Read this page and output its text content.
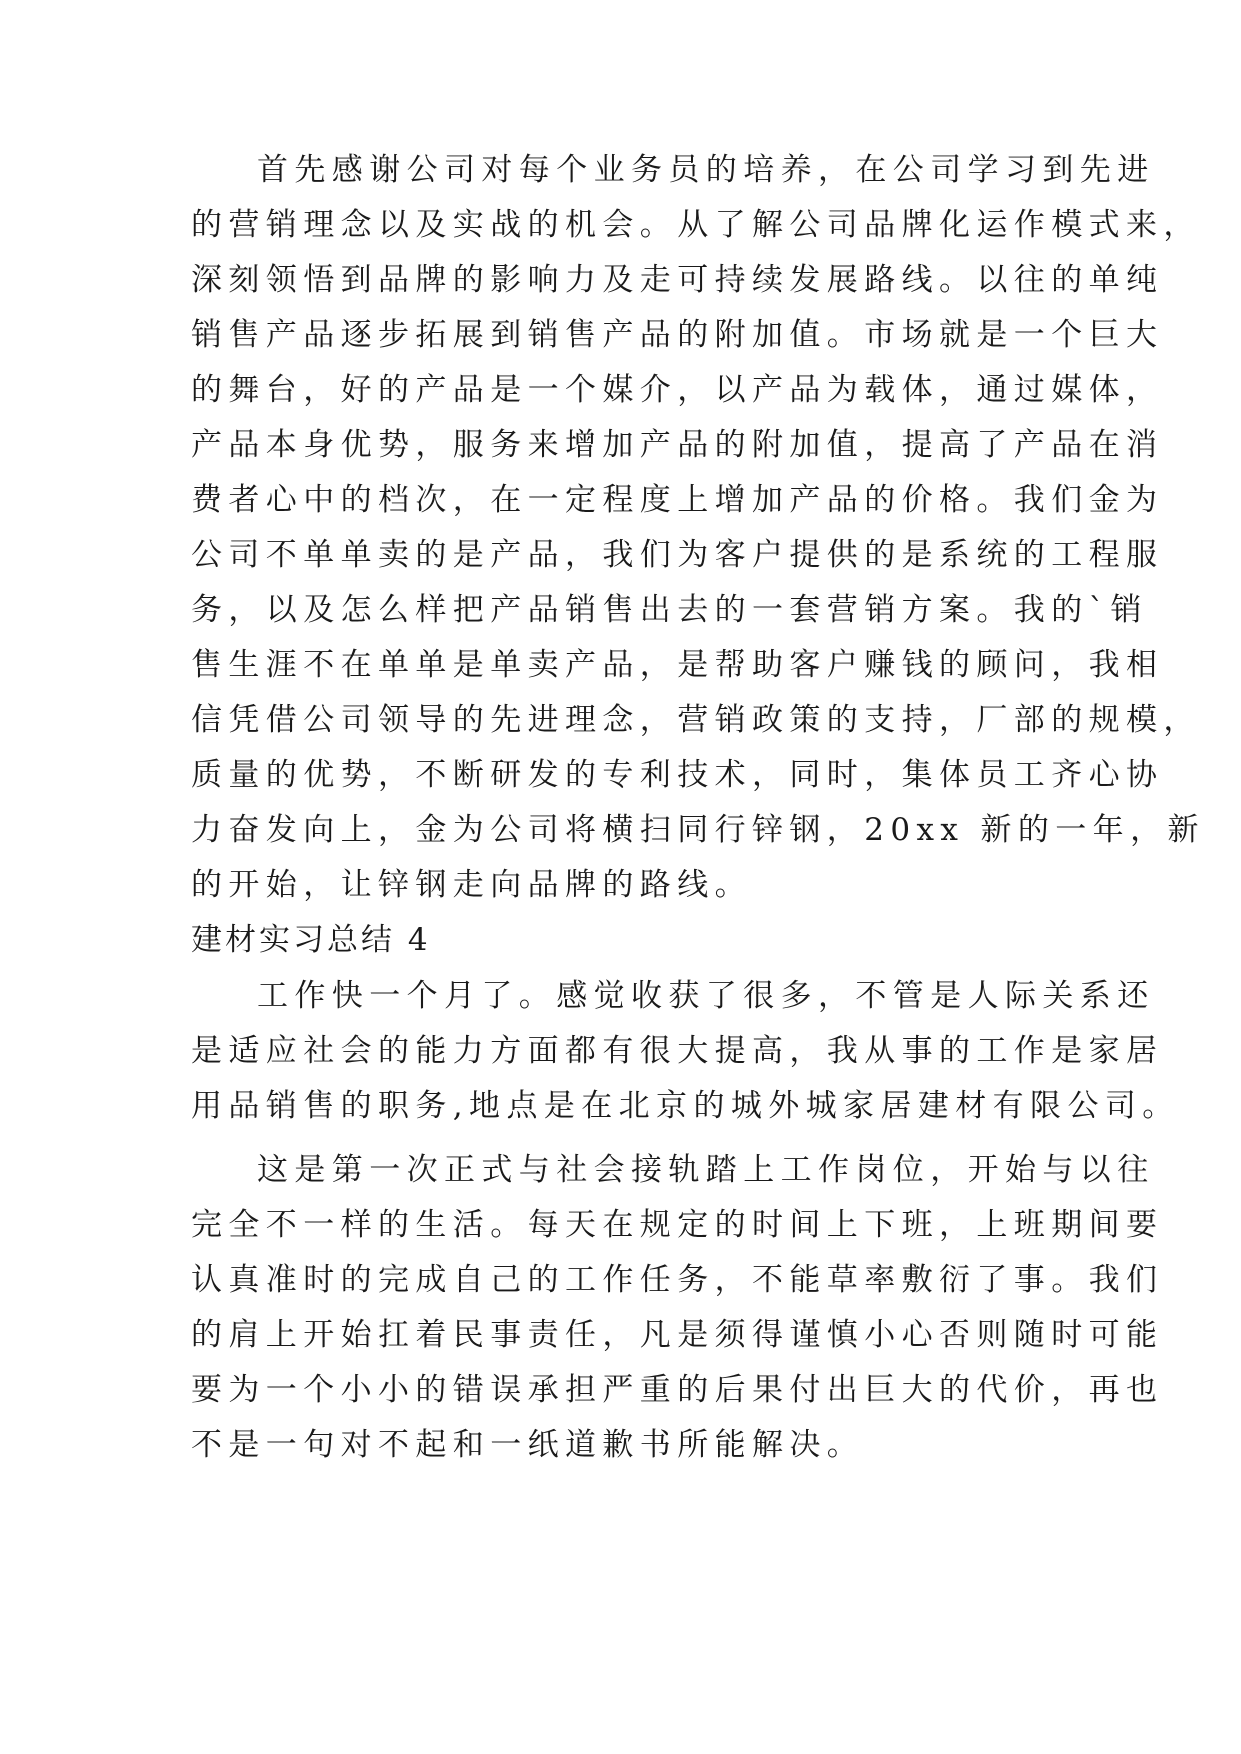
首先感谢公司对每个业务员的培养，在公司学习到先进

的营销理念以及实战的机会。从了解公司品牌化运作模式来，

深刻领悟到品牌的影响力及走可持续发展路线。以往的单纯

销售产品逐步拓展到销售产品的附加值。市场就是一个巨大

的舞台，好的产品是一个媒介，以产品为载体，通过媒体，

产品本身优势，服务来增加产品的附加值，提高了产品在消

费者心中的档次，在一定程度上增加产品的价格。我们金为

公司不单单卖的是产品，我们为客户提供的是系统的工程服

务，以及怎么样把产品销售出去的一套营销方案。我的`销

售生涯不在单单是单卖产品，是帮助客户赚钱的顾问，我相

信凭借公司领导的先进理念，营销政策的支持，厂部的规模，

质量的优势，不断研发的专利技术，同时，集体员工齐心协

力奋发向上，金为公司将横扫同行锌钢，20xx 新的一年，新

的开始，让锌钢走向品牌的路线。

建材实习总结 4

工作快一个月了。感觉收获了很多，不管是人际关系还

是适应社会的能力方面都有很大提高，我从事的工作是家居

用品销售的职务,地点是在北京的城外城家居建材有限公司。

这是第一次正式与社会接轨踏上工作岗位，开始与以往

完全不一样的生活。每天在规定的时间上下班，上班期间要

认真准时的完成自己的工作任务，不能草率敷衍了事。我们

的肩上开始扛着民事责任，凡是须得谨慎小心否则随时可能

要为一个小小的错误承担严重的后果付出巨大的代价，再也

不是一句对不起和一纸道歉书所能解决。
